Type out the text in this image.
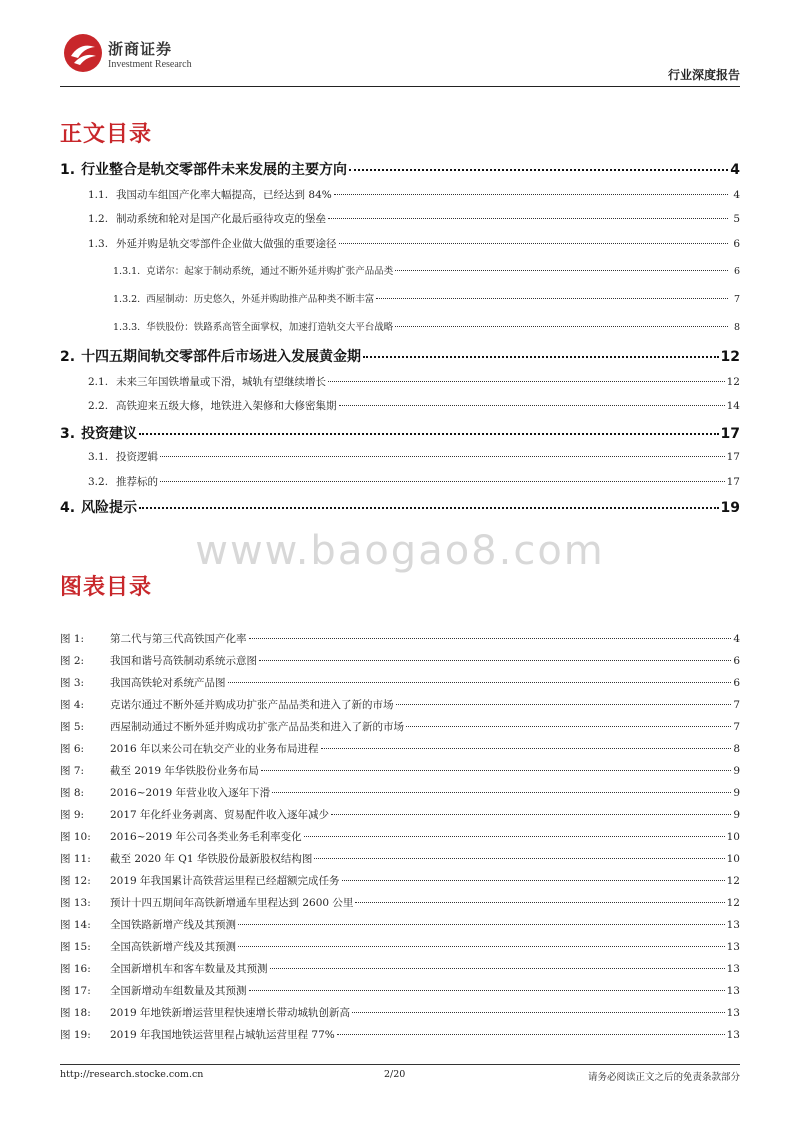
浙商证券
Investment Research
行业深度报告
正文目录
1. 行业整合是轨交零部件未来发展的主要方向	4
1.1. 我国动车组国产化率大幅提高，已经达到 84%	4
1.2. 制动系统和轮对是国产化最后亟待攻克的堡垒	5
1.3. 外延并购是轨交零部件企业做大做强的重要途径	6
1.3.1. 克诺尔：起家于制动系统，通过不断外延并购扩张产品品类	6
1.3.2. 西屋制动：历史悠久，外延并购助推产品种类不断丰富	7
1.3.3. 华铁股份：铁路系高管全面掌权，加速打造轨交大平台战略	8
2. 十四五期间轨交零部件后市场进入发展黄金期	12
2.1. 未来三年国铁增量或下滑，城轨有望继续增长	12
2.2. 高铁迎来五级大修，地铁进入架修和大修密集期	14
3. 投资建议	17
3.1. 投资逻辑	17
3.2. 推荐标的	17
4. 风险提示	19
www.baogao8.com
图表目录
图 1:	第二代与第三代高铁国产化率	4
图 2:	我国和谐号高铁制动系统示意图	6
图 3:	我国高铁轮对系统产品图	6
图 4:	克诺尔通过不断外延并购成功扩张产品品类和进入了新的市场	7
图 5:	西屋制动通过不断外延并购成功扩张产品品类和进入了新的市场	7
图 6:	2016 年以来公司在轨交产业的业务布局进程	8
图 7:	截至 2019 年华铁股份业务布局	9
图 8:	2016~2019 年营业收入逐年下滑	9
图 9:	2017 年化纤业务剥离、贸易配件收入逐年减少	9
图 10:	2016~2019 年公司各类业务毛利率变化	10
图 11:	截至 2020 年 Q1 华铁股份最新股权结构图	10
图 12:	2019 年我国累计高铁营运里程已经超额完成任务	12
图 13:	预计十四五期间年高铁新增通车里程达到 2600 公里	12
图 14:	全国铁路新增产线及其预测	13
图 15:	全国高铁新增产线及其预测	13
图 16:	全国新增机车和客车数量及其预测	13
图 17:	全国新增动车组数量及其预测	13
图 18:	2019 年地铁新增运营里程快速增长带动城轨创新高	13
图 19:	2019 年我国地铁运营里程占城轨运营里程 77%	13
http://research.stocke.com.cn	2/20	请务必阅读正文之后的免责条款部分
